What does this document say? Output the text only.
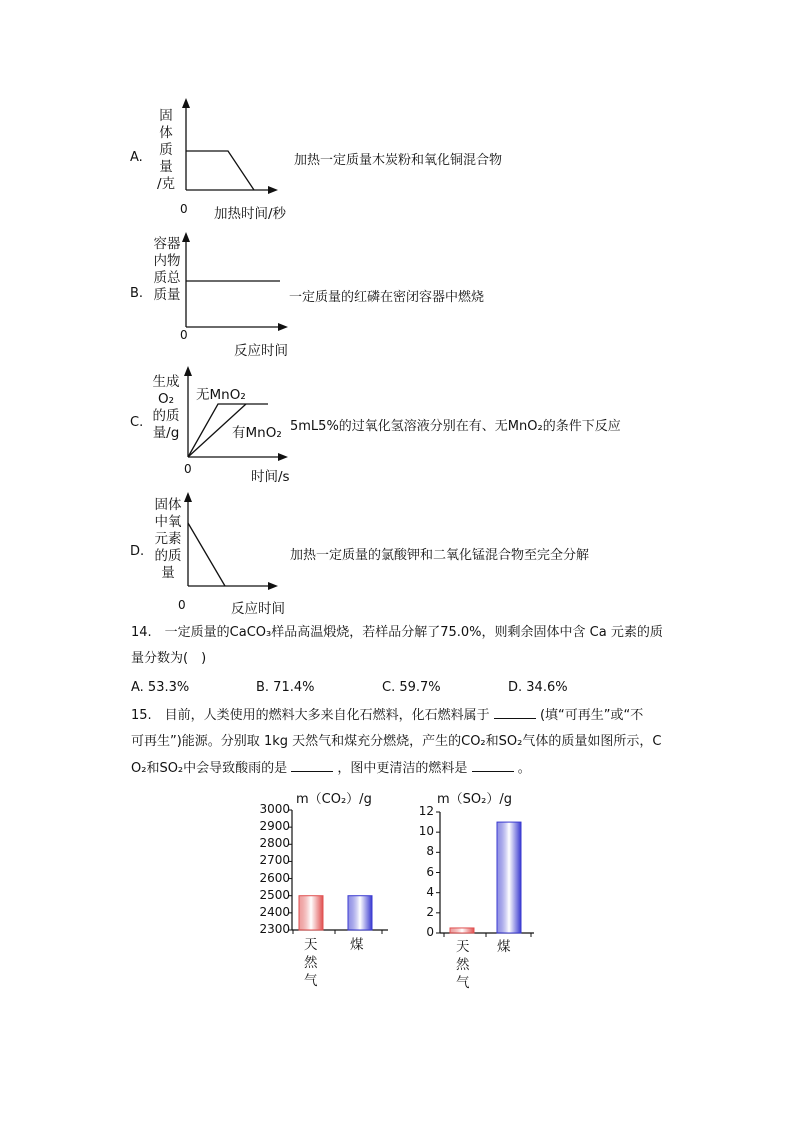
A.
固
体
质
量
/克
0 加热时间/秒
加热一定质量木炭粉和氧化铜混合物
B.
容器
内物
质总
质量
0
反应时间
一定质量的红磷在密闭容器中燃烧
C.
生成
O₂
的质
量/g
无MnO₂
有MnO₂
0	时间/s
5mL5%的过氧化氢溶液分别在有、无MnO₂的条件下反应
D.
固体
中氧
元素
的质
量
0	反应时间
加热一定质量的氯酸钾和二氧化锰混合物至完全分解
14.　一定质量的CaCO₃样品高温煅烧，若样品分解了75.0%，则剩余固体中含 Ca 元素的质
量分数为(　)
A. 53.3%	B. 71.4%	C. 59.7%	D. 34.6%
15.　目前，人类使用的燃料大多来自化石燃料，化石燃料属于	(填“可再生”或“不
可再生”)能源。分别取 1kg 天然气和煤充分燃烧，产生的CO₂和SO₂气体的质量如图所示，C
O₂和SO₂中会导致酸雨的是	，图中更清洁的燃料是	。
m（CO₂）/g
天然气
煤
m（SO₂）/g
天然气
煤
3000
2900
2800
2700
2600
2500
2400
2300
12
10
8
6
4
2
0
